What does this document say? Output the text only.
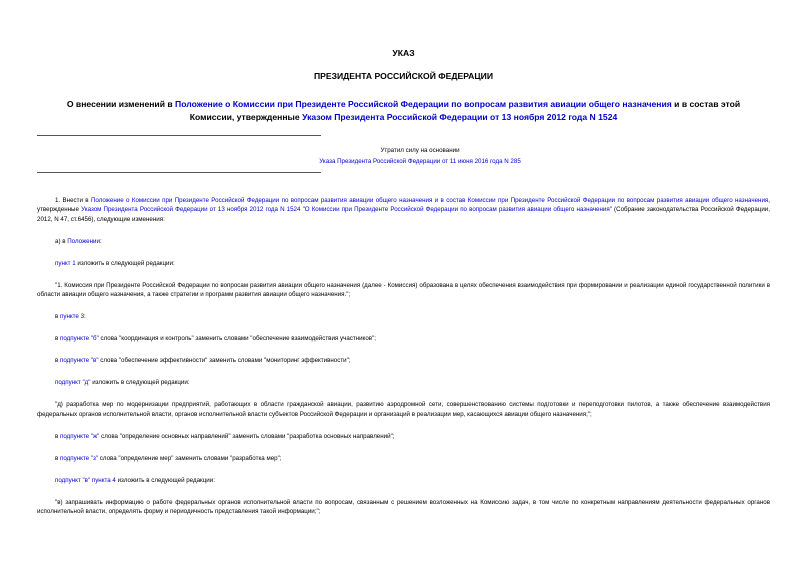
УКАЗ
ПРЕЗИДЕНТА РОССИЙСКОЙ ФЕДЕРАЦИИ
О внесении изменений в Положение о Комиссии при Президенте Российской Федерации по вопросам развития авиации общего назначения и в состав этой Комиссии, утвержденные Указом Президента Российской Федерации от 13 ноября 2012 года N 1524
Утратил силу на основании
Указа Президента Российской Федерации от 11 июня 2016 года N 285

1. Внести в Положение о Комиссии при Президенте Российской Федерации по вопросам развития авиации общего назначения и в состав Комиссии при Президенте Российской Федерации по вопросам развития авиации общего назначения, утвержденные Указом Президента Российской Федерации от 13 ноября 2012 года N 1524 "О Комиссии при Президенте Российской Федерации по вопросам развития авиации общего назначения" (Собрание законодательства Российской Федерации, 2012, N 47, ст.6456), следующие изменения:

а) в Положении:

пункт 1 изложить в следующей редакции:

"1. Комиссия при Президенте Российской Федерации по вопросам развития авиации общего назначения (далее - Комиссия) образована в целях обеспечения взаимодействия при формировании и реализации единой государственной политики в области авиации общего назначения, а также стратегии и программ развития авиации общего назначения.";

в пункте 3:

в подпункте "б" слова "координация и контроль" заменить словами "обеспечение взаимодействия участников";

в подпункте "в" слова "обеспечение эффективности" заменить словами "мониторинг эффективности";

подпункт "д" изложить в следующей редакции:

"д) разработка мер по модернизации предприятий, работающих в области гражданской авиации, развитию аэродромной сети, совершенствованию системы подготовки и переподготовки пилотов, а также обеспечение взаимодействия федеральных органов исполнительной власти, органов исполнительной власти субъектов Российской Федерации и организаций в реализации мер, касающихся авиации общего назначения;";

в подпункте "ж" слова "определение основных направлений" заменить словами "разработка основных направлений";

в подпункте "з" слова "определение мер" заменить словами "разработка мер";

подпункт "в" пункта 4 изложить в следующей редакции:

"в) запрашивать информацию о работе федеральных органов исполнительной власти по вопросам, связанным с решением возложенных на Комиссию задач, в том числе по конкретным направлениям деятельности федеральных органов исполнительной власти, определять форму и периодичность представления такой информации;";
